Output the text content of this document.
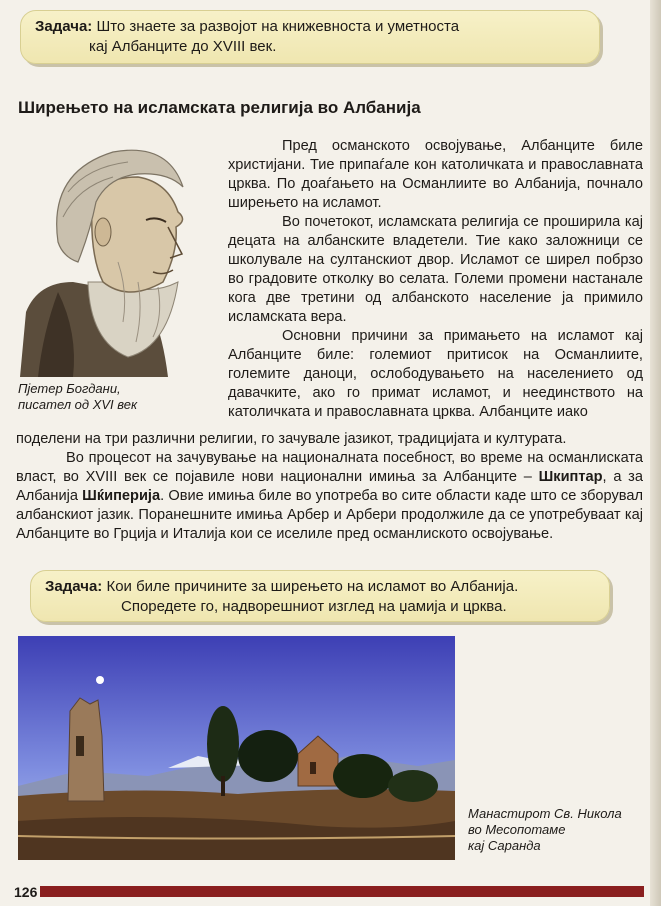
Задача: Што знаете за развојот на книжевноста и уметноста
кај Албанците до XVIII век.
Ширењето на исламската религија во Албанија
Пјетер Богдани,
писател од XVI век

Пред османското освојување, Албанците биле христијани. Тие припаѓале кон католичката и православната црква. По доаѓањето на Османлиите во Албанија, почнало ширењето на исламот.

Во почетокот, исламската религија се проширила кај децата на албанските владетели. Тие како заложници се школувале на султанскиот двор. Исламот се ширел побрзо во градовите отколку во селата. Големи промени настанале кога две третини од албанското население ја примило исламската вера.

Основни причини за примањето на исламот кај Албанците биле: големиот притисок на Османлиите, големите даноци, ослободувањето на населението од давачките, ако го примат исламот, и неединството на католичката и православната црква. Албанците иако

поделени на три различни религии, го зачувале јазикот, традицијата и културата.

Во процесот на зачувување на националната посебност, во време на османлиската власт, во XVIII век се појавиле нови национални имиња за Албанците – Шкиптар, а за Албанија Шќиперија. Овие имиња биле во употреба во сите области каде што се зборувал албанскиот јазик. Поранешните имиња Арбер и Арбери продолжиле да се употребуваат кај Албанците во Грција и Италија кои се иселиле пред османлиското освојување.

Задача: Кои биле причините за ширењето на исламот во Албанија.
Споредете го, надворешниот изглед на џамија и црква.
Манастирот Св. Никола
во Месопотаме
кај Саранда
126
